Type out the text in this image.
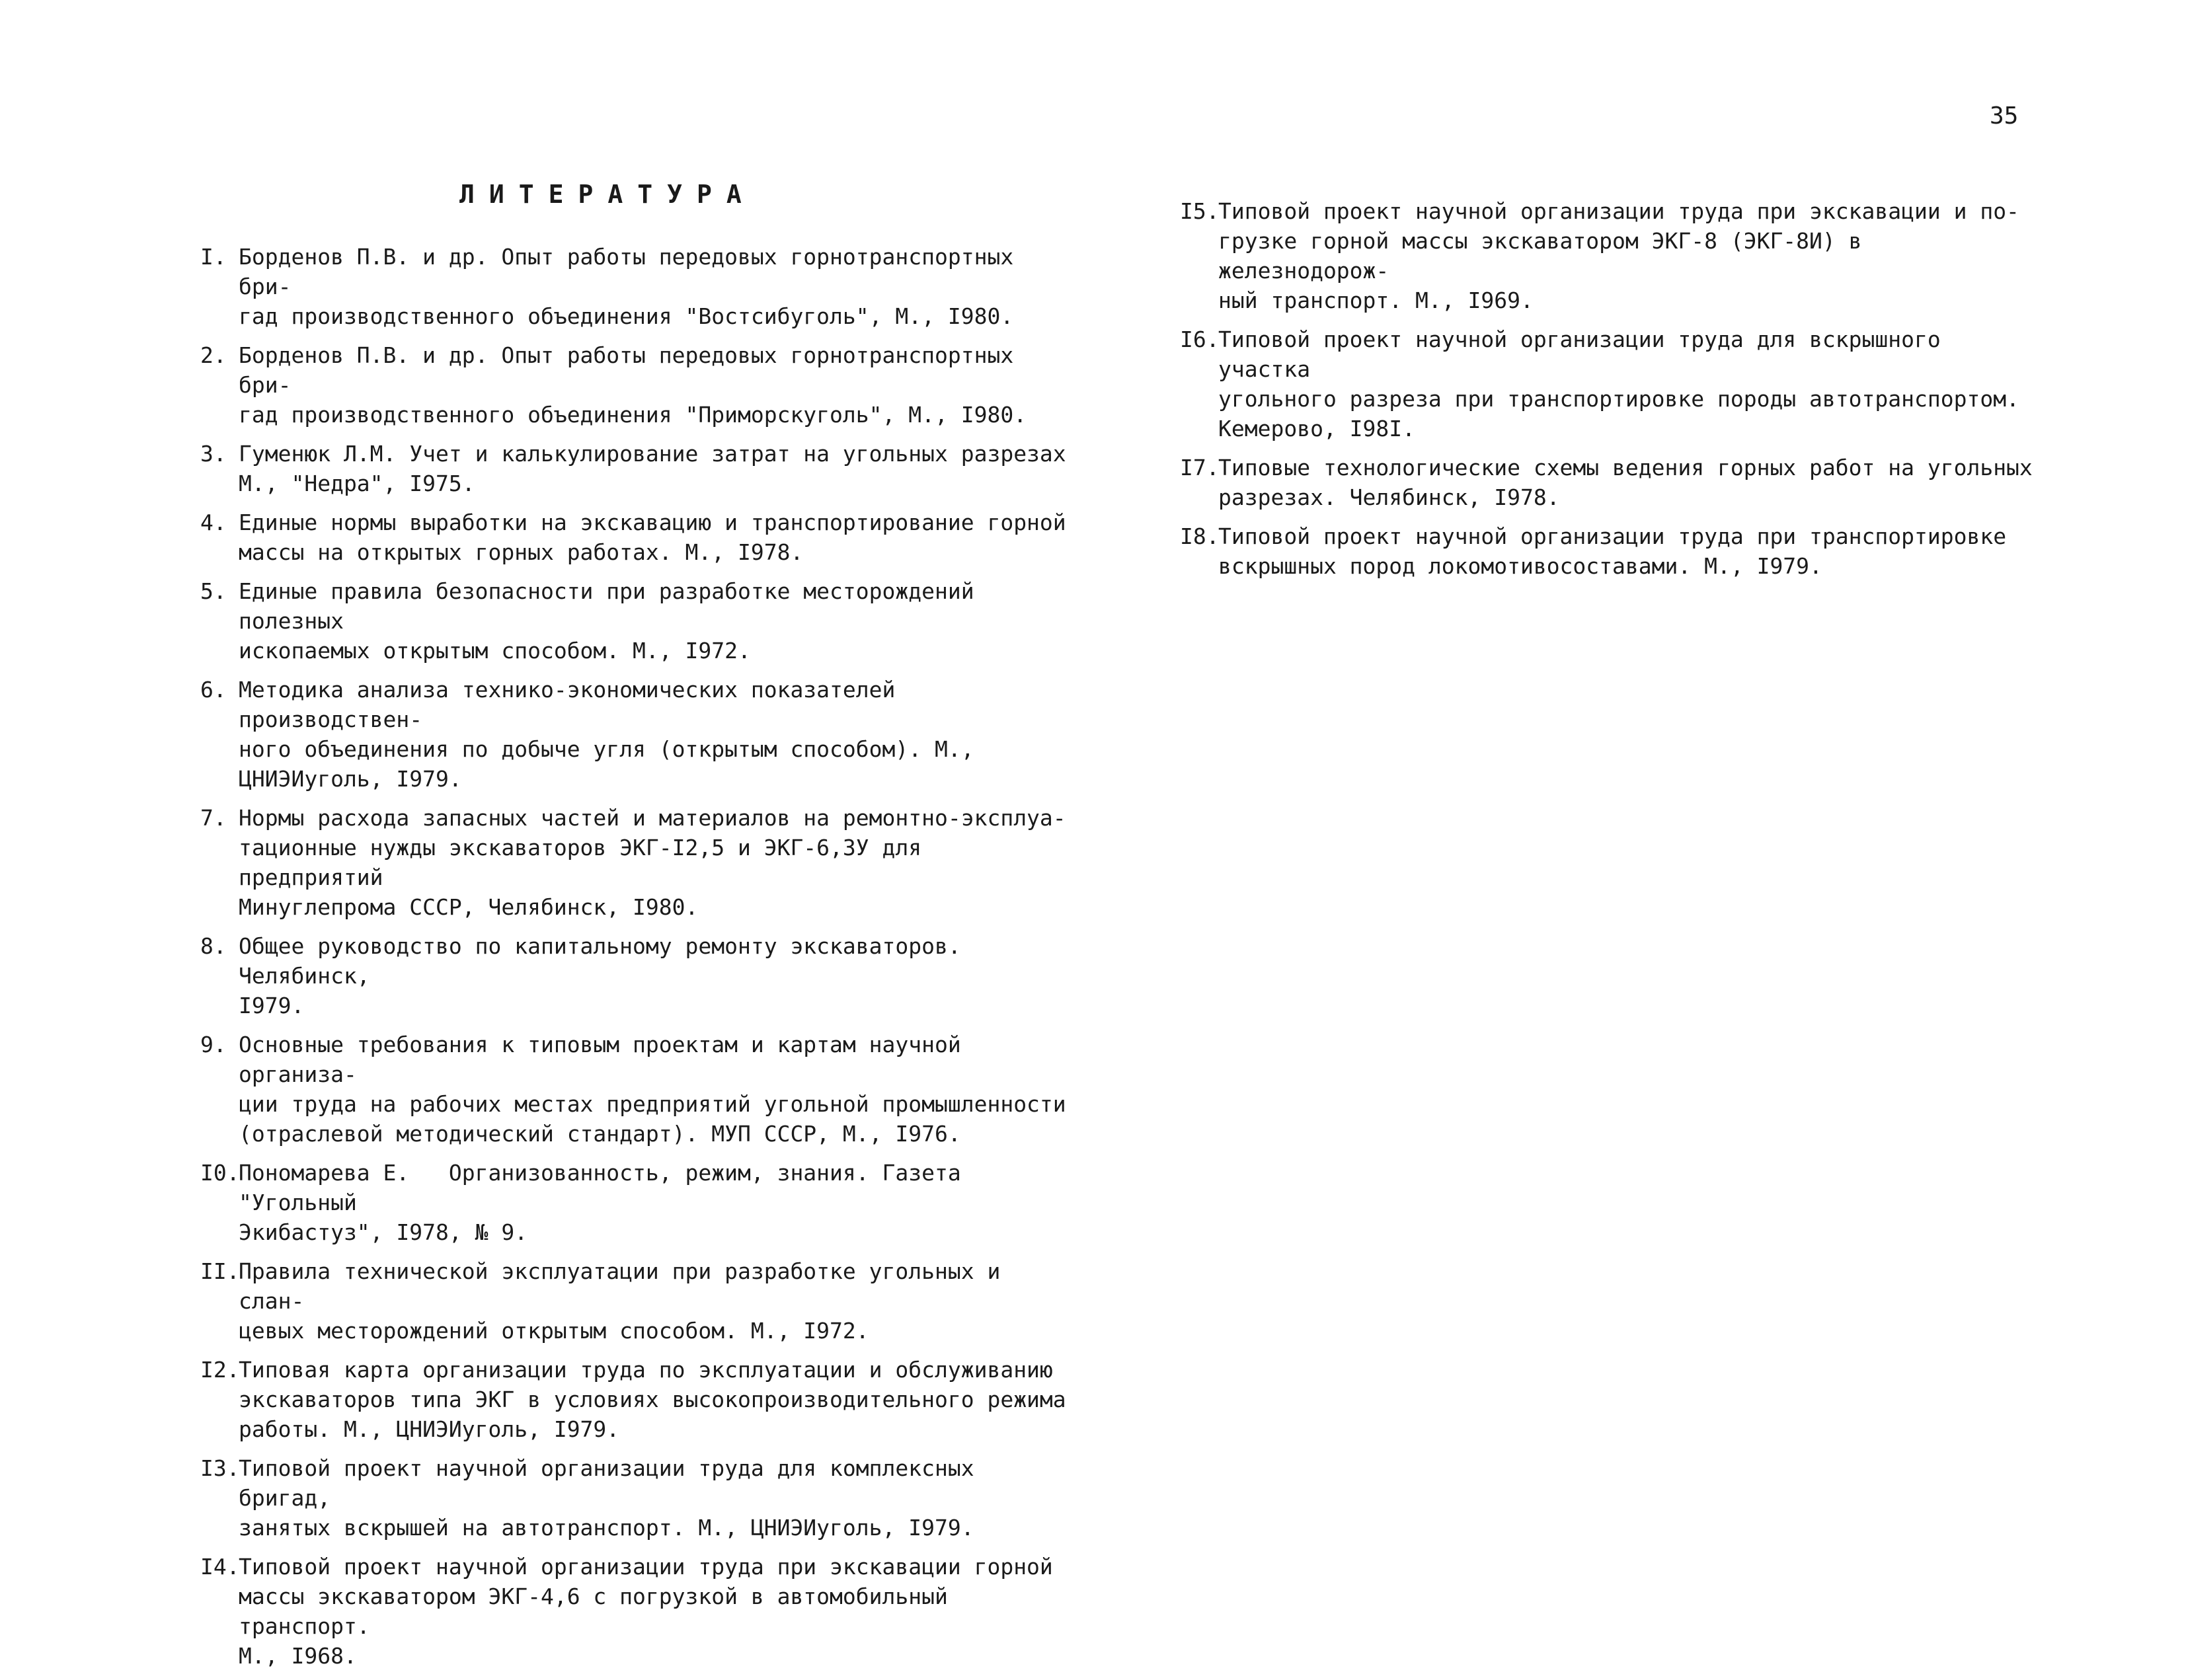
35
ЛИТЕРАТУРА
I. Борденов П.В. и др. Опыт работы передовых горнотранспортных бри-
гад производственного объединения "Востсибуголь", М., I980.
2. Борденов П.В. и др. Опыт работы передовых горнотранспортных бри-
гад производственного объединения "Приморскуголь", М., I980.
3. Гуменюк Л.М. Учет и калькулирование затрат на угольных разрезах
М., "Недра", I975.
4. Единые нормы выработки на экскавацию и транспортирование горной
массы на открытых горных работах. М., I978.
5. Единые правила безопасности при разработке месторождений полезных
ископаемых открытым способом. М., I972.
6. Методика анализа технико-экономических показателей производствен-
ного объединения по добыче угля (открытым способом). М.,
ЦНИЭИуголь, I979.
7. Нормы расхода запасных частей и материалов на ремонтно-эксплуа-
тационные нужды экскаваторов ЭКГ-I2,5 и ЭКГ-6,3У для предприятий
Минуглепрома СССР, Челябинск, I980.
8. Общее руководство по капитальному ремонту экскаваторов. Челябинск,
I979.
9. Основные требования к типовым проектам и картам научной организа-
ции труда на рабочих местах предприятий угольной промышленности
(отраслевой методический стандарт). МУП СССР, М., I976.
I0.
Пономарева Е.   Организованность, режим, знания. Газета "Угольный
Экибастуз", I978, № 9.
II.
Правила технической эксплуатации при разработке угольных и слан-
цевых месторождений открытым способом. М., I972.
I2.
Типовая карта организации труда по эксплуатации и обслуживанию
экскаваторов типа ЭКГ в условиях высокопроизводительного режима
работы. М., ЦНИЭИуголь, I979.
I3.
Типовой проект научной организации труда для комплексных бригад,
занятых вскрышей на автотранспорт. М., ЦНИЭИуголь, I979.
I4.
Типовой проект научной организации труда при экскавации горной
массы экскаватором ЭКГ-4,6 с погрузкой в автомобильный транспорт.
М., I968.
I5.
Типовой проект научной организации труда при экскавации и по-
грузке горной массы экскаватором ЭКГ-8 (ЭКГ-8И) в железнодорож-
ный транспорт. М., I969.
I6.
Типовой проект научной организации труда для вскрышного участка
угольного разреза при транспортировке породы автотранспортом.
Кемерово, I98I.
I7.
Типовые технологические схемы ведения горных работ на угольных
разрезах. Челябинск, I978.
I8.
Типовой проект научной организации труда при транспортировке
вскрышных пород локомотивосоставами. М., I979.
